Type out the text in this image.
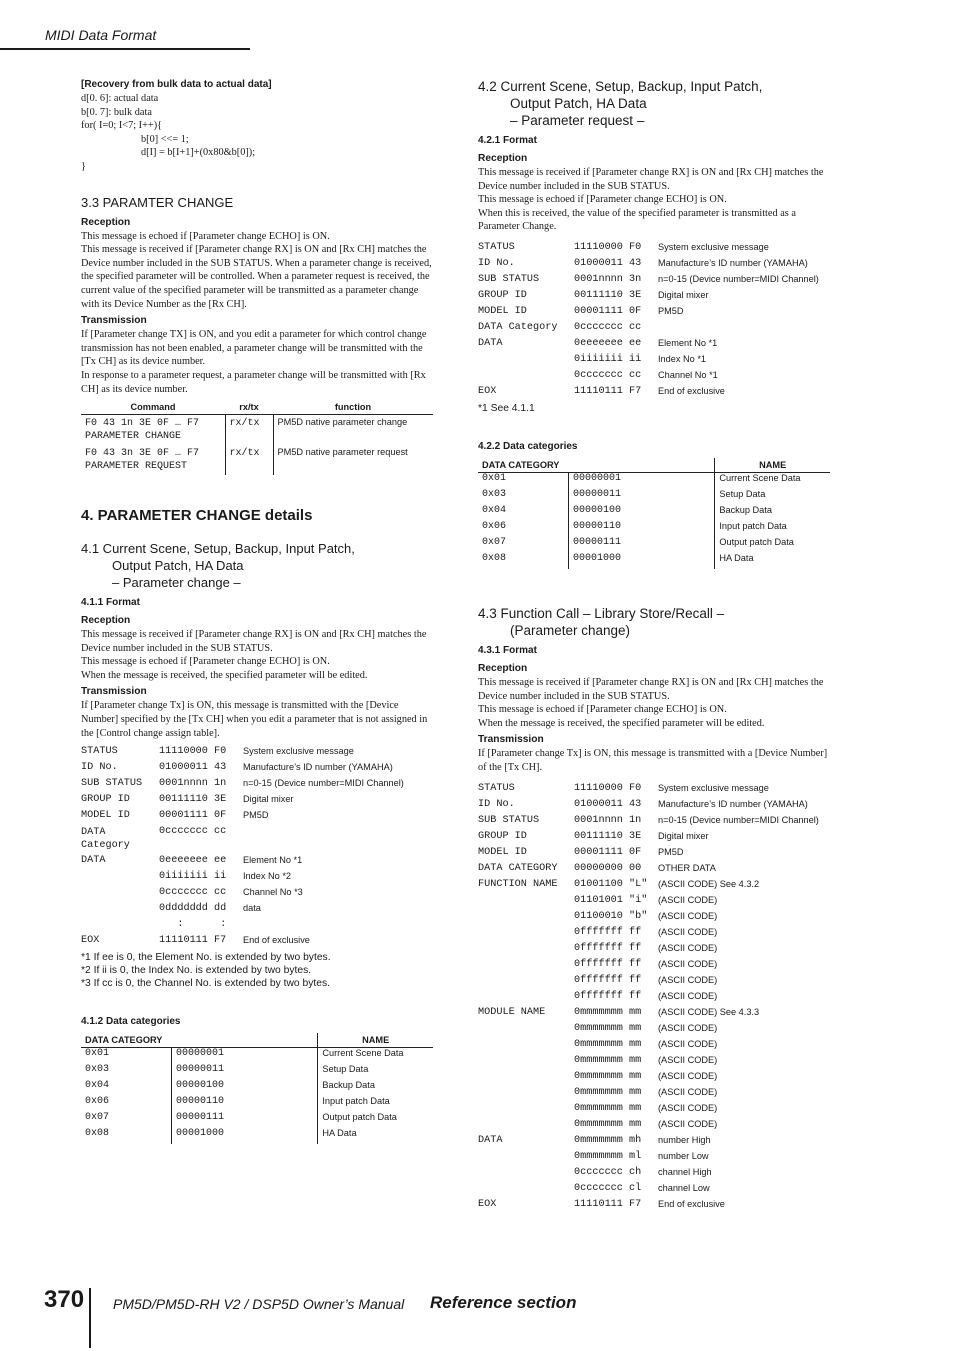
MIDI Data Format

[Recovery from bulk data to actual data]

d[0. 6]: actual data

b[0. 7]: bulk data

for( I=0; I<7; I++){

b[0] <<= 1;

d[I] = b[I+1]+(0x80&b[0]);

}

3.3 PARAMTER CHANGE

Reception

This message is echoed if [Parameter change ECHO] is ON.

This message is received if [Parameter change RX] is ON and [Rx CH] matches the Device number included in the SUB STATUS. When a parameter change is received, the specified parameter will be controlled. When a parameter request is received, the current value of the specified parameter will be transmitted as a parameter change with its Device Number as the [Rx CH].

Transmission

If [Parameter change TX] is ON, and you edit a parameter for which control change transmission has not been enabled, a parameter change will be transmitted with the [Tx CH] as its device number.

In response to a parameter request, a parameter change will be transmitted with [Rx CH] as its device number.

Command	rx/tx	function
F0 43 1n 3E 0F … F7
PARAMETER CHANGE	rx/tx	PM5D native parameter change
F0 43 3n 3E 0F … F7
PARAMETER REQUEST	rx/tx	PM5D native parameter request

4. PARAMETER CHANGE details

4.1 Current Scene, Setup, Backup, Input Patch,

Output Patch, HA Data

– Parameter change –

4.1.1 Format

Reception

This message is received if [Parameter change RX] is ON and [Rx CH] matches the Device number included in the SUB STATUS.

This message is echoed if [Parameter change ECHO] is ON.

When the message is received, the specified parameter will be edited.

Transmission

If [Parameter change Tx] is ON, this message is transmitted with the [Device Number] specified by the [Tx CH] when you edit a parameter that is not assigned in the [Control change assign table].

STATUS	11110000 F0	System exclusive message
ID No.	01000011 43	Manufacture’s ID number (YAMAHA)
SUB STATUS	0001nnnn 1n	n=0-15 (Device number=MIDI Channel)
GROUP ID	00111110 3E	Digital mixer
MODEL ID	00001111 0F	PM5D
DATA Category
0ccccccc cc
DATA	0eeeeeee ee	Element No *1
0iiiiiii ii	Index No *2
0ccccccc cc	Channel No *3
0ddddddd dd	data
:      :
EOX	11110111 F7	End of exclusive

*1 If ee is 0, the Element No. is extended by two bytes.

*2 If ii is 0, the Index No. is extended by two bytes.

*3 If cc is 0, the Channel No. is extended by two bytes.

4.1.2 Data categories

DATA CATEGORY		NAME
0x01	00000001	Current Scene Data
0x03	00000011	Setup Data
0x04	00000100	Backup Data
0x06	00000110	Input patch Data
0x07	00000111	Output patch Data
0x08	00001000	HA Data

4.2 Current Scene, Setup, Backup, Input Patch,

Output Patch, HA Data

– Parameter request –

4.2.1 Format

Reception

This message is received if [Parameter change RX] is ON and [Rx CH] matches the Device number included in the SUB STATUS.

This message is echoed if [Parameter change ECHO] is ON.

When this is received, the value of the specified parameter is transmitted as a Parameter Change.

STATUS	11110000 F0	System exclusive message
ID No.	01000011 43	Manufacture’s ID number (YAMAHA)
SUB STATUS	0001nnnn 3n	n=0-15 (Device number=MIDI Channel)
GROUP ID	00111110 3E	Digital mixer
MODEL ID	00001111 0F	PM5D
DATA Category	0ccccccc cc
DATA	0eeeeeee ee	Element No *1
0iiiiiii ii	Index No *1
0ccccccc cc	Channel No *1
EOX	11110111 F7	End of exclusive

*1 See 4.1.1

4.2.2 Data categories

DATA CATEGORY		NAME
0x01	00000001	Current Scene Data
0x03	00000011	Setup Data
0x04	00000100	Backup Data
0x06	00000110	Input patch Data
0x07	00000111	Output patch Data
0x08	00001000	HA Data

4.3 Function Call – Library Store/Recall –

(Parameter change)

4.3.1 Format

Reception

This message is received if [Parameter change RX] is ON and [Rx CH] matches the Device number included in the SUB STATUS.

This message is echoed if [Parameter change ECHO] is ON.

When the message is received, the specified parameter will be edited.

Transmission

If [Parameter change Tx] is ON, this message is transmitted with a [Device Number] of the [Tx CH].

STATUS	11110000 F0	System exclusive message
ID No.	01000011 43	Manufacture’s ID number (YAMAHA)
SUB STATUS	0001nnnn 1n	n=0-15 (Device number=MIDI Channel)
GROUP ID	00111110 3E	Digital mixer
MODEL ID	00001111 0F	PM5D
DATA CATEGORY	00000000 00	OTHER DATA
FUNCTION NAME	01001100 "L"	(ASCII CODE) See 4.3.2
01101001 "i"	(ASCII CODE)
01100010 "b"	(ASCII CODE)
0fffffff ff	(ASCII CODE)
0fffffff ff	(ASCII CODE)
0fffffff ff	(ASCII CODE)
0fffffff ff	(ASCII CODE)
0fffffff ff	(ASCII CODE)
MODULE NAME	0mmmmmmm mm	(ASCII CODE) See 4.3.3
0mmmmmmm mm	(ASCII CODE)
0mmmmmmm mm	(ASCII CODE)
0mmmmmmm mm	(ASCII CODE)
0mmmmmmm mm	(ASCII CODE)
0mmmmmmm mm	(ASCII CODE)
0mmmmmmm mm	(ASCII CODE)
0mmmmmmm mm	(ASCII CODE)
DATA	0mmmmmmm mh	number High
0mmmmmmm ml	number Low
0ccccccc ch	channel High
0ccccccc cl	channel Low
EOX	11110111 F7	End of exclusive
370 PM5D/PM5D-RH V2 / DSP5D Owner’s Manual Reference section
